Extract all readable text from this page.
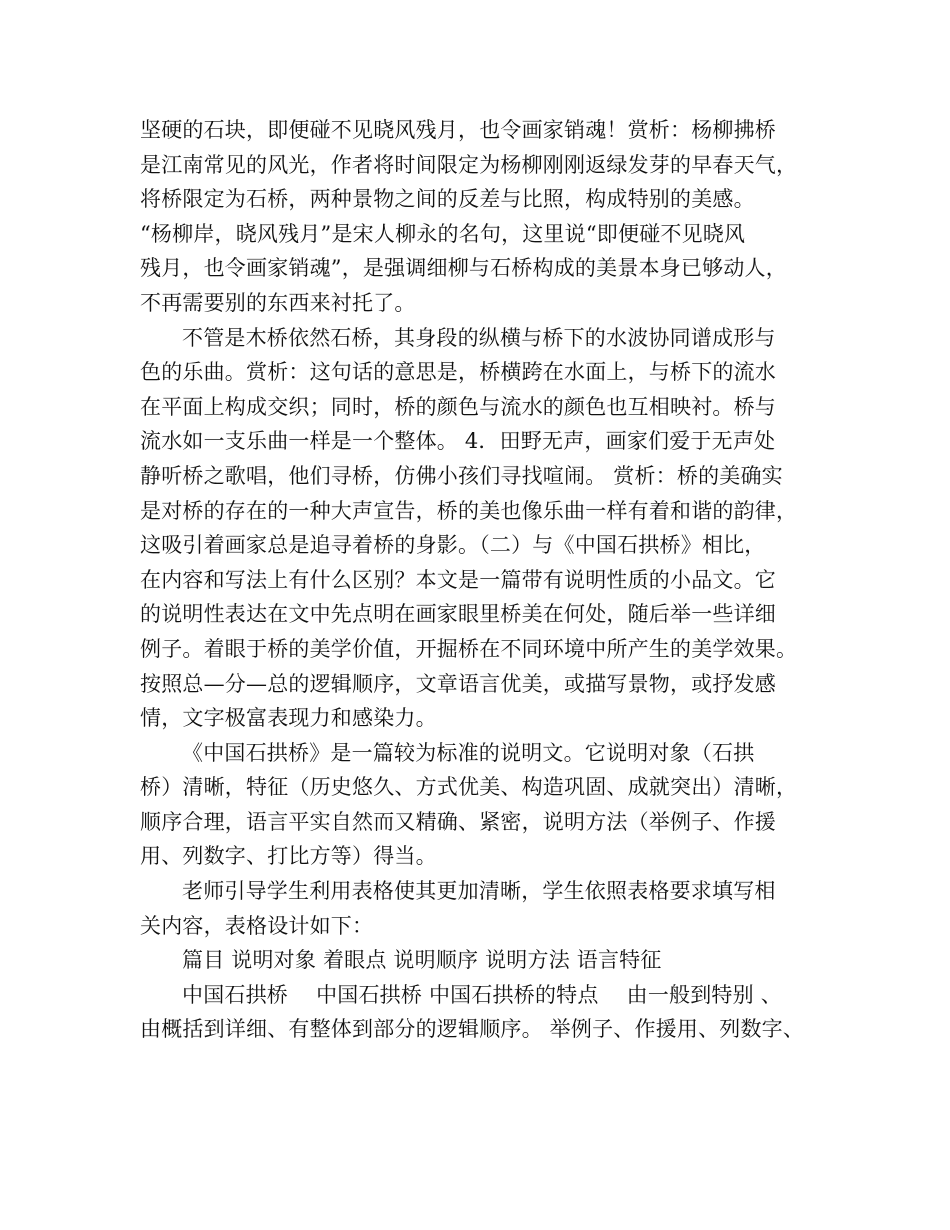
坚硬的石块，即便碰不见晓风残月，也令画家销魂！赏析：杨柳拂桥
是江南常见的风光，作者将时间限定为杨柳刚刚返绿发芽的早春天气，
将桥限定为石桥，两种景物之间的反差与比照，构成特别的美感。
“杨柳岸，晓风残月”是宋人柳永的名句，这里说“即便碰不见晓风
残月，也令画家销魂”，是强调细柳与石桥构成的美景本身已够动人，
不再需要别的东西来衬托了。
不管是木桥依然石桥，其身段的纵横与桥下的水波协同谱成形与
色的乐曲。赏析：这句话的意思是，桥横跨在水面上，与桥下的流水
在平面上构成交织；同时，桥的颜色与流水的颜色也互相映衬。桥与
流水如一支乐曲一样是一个整体。 4．田野无声，画家们爱于无声处
静听桥之歌唱，他们寻桥，仿佛小孩们寻找喧闹。 赏析：桥的美确实
是对桥的存在的一种大声宣告，桥的美也像乐曲一样有着和谐的韵律，
这吸引着画家总是追寻着桥的身影。（二）与《中国石拱桥》相比，
在内容和写法上有什么区别？本文是一篇带有说明性质的小品文。它
的说明性表达在文中先点明在画家眼里桥美在何处，随后举一些详细
例子。着眼于桥的美学价值，开掘桥在不同环境中所产生的美学效果。
按照总—分—总的逻辑顺序，文章语言优美，或描写景物，或抒发感
情，文字极富表现力和感染力。
《中国石拱桥》是一篇较为标准的说明文。它说明对象（石拱
桥）清晰，特征（历史悠久、方式优美、构造巩固、成就突出）清晰，
顺序合理，语言平实自然而又精确、紧密，说明方法（举例子、作援
用、列数字、打比方等）得当。
老师引导学生利用表格使其更加清晰，学生依照表格要求填写相
关内容，表格设计如下：
篇目 说明对象 着眼点 说明顺序 说明方法 语言特征
中国石拱桥　 中国石拱桥 中国石拱桥的特点　 由一般到特别 、
由概括到详细、有整体到部分的逻辑顺序。 举例子、作援用、列数字、
